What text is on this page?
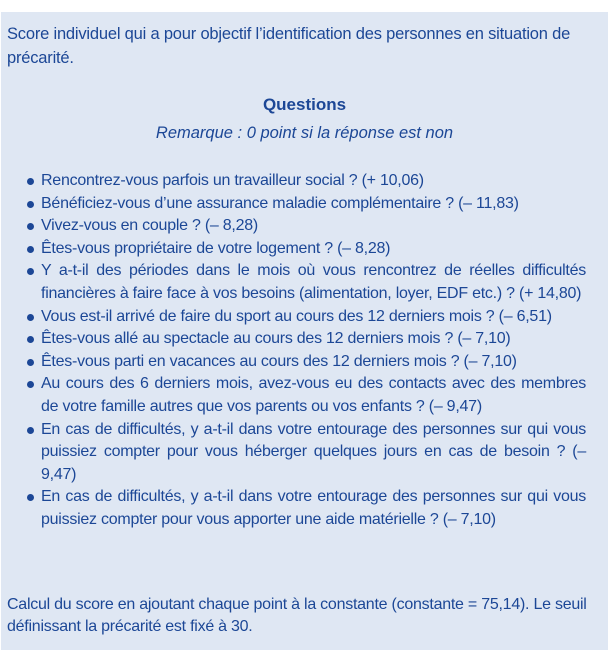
Score individuel qui a pour objectif l’identification des personnes en situation de précarité.
Questions
Remarque : 0 point si la réponse est non
Rencontrez-vous parfois un travailleur social ? (+ 10,06)
Bénéficiez-vous d’une assurance maladie complémentaire ? (– 11,83)
Vivez-vous en couple ? (– 8,28)
Êtes-vous propriétaire de votre logement ? (– 8,28)
Y a-t-il des périodes dans le mois où vous rencontrez de réelles difficultés financières à faire face à vos besoins (alimentation, loyer, EDF etc.) ? (+ 14,80)
Vous est-il arrivé de faire du sport au cours des 12 derniers mois ? (– 6,51)
Êtes-vous allé au spectacle au cours des 12 derniers mois ? (– 7,10)
Êtes-vous parti en vacances au cours des 12 derniers mois ? (– 7,10)
Au cours des 6 derniers mois, avez-vous eu des contacts avec des membres de votre famille autres que vos parents ou vos enfants ? (– 9,47)
En cas de difficultés, y a-t-il dans votre entourage des personnes sur qui vous puissiez compter pour vous héberger quelques jours en cas de besoin ? (– 9,47)
En cas de difficultés, y a-t-il dans votre entourage des personnes sur qui vous puissiez compter pour vous apporter une aide matérielle ? (– 7,10)
Calcul du score en ajoutant chaque point à la constante (constante = 75,14). Le seuil définissant la précarité est fixé à 30.
